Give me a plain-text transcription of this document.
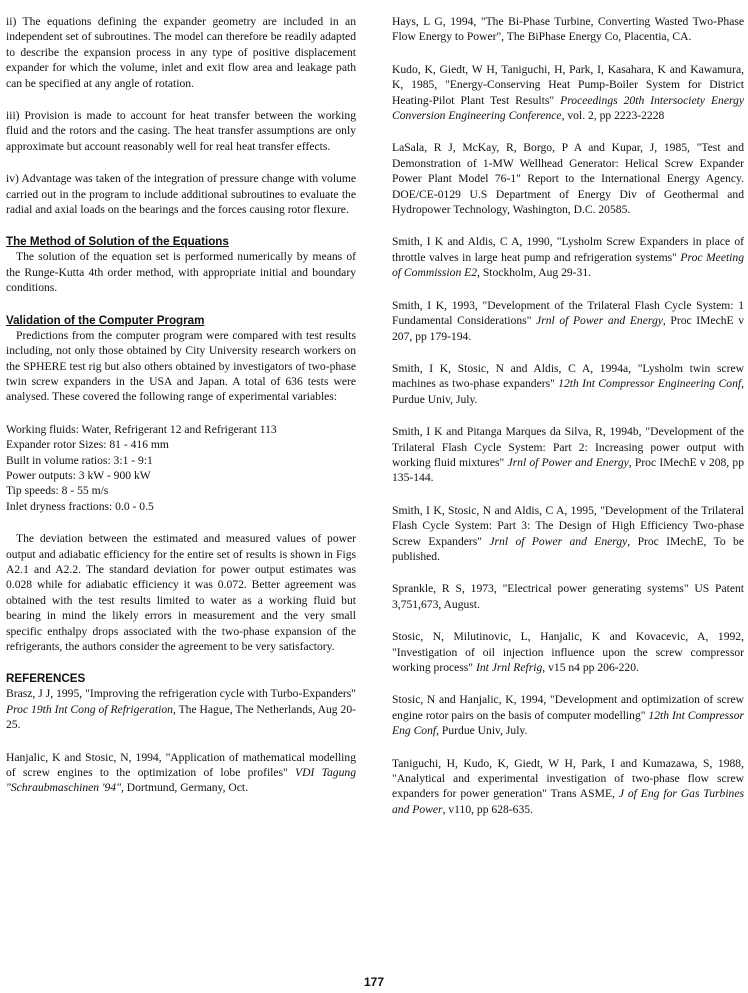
ii) The equations defining the expander geometry are included in an independent set of subroutines. The model can therefore be readily adapted to describe the expansion process in any type of positive displacement expander for which the volume, inlet and exit flow area and leakage path can be specified at any angle of rotation.

iii) Provision is made to account for heat transfer between the working fluid and the rotors and the casing. The heat transfer assumptions are only approximate but account reasonably well for real heat transfer effects.

iv) Advantage was taken of the integration of pressure change with volume carried out in the program to include additional subroutines to evaluate the radial and axial loads on the bearings and the forces causing rotor flexure.

The Method of Solution of the Equations

The solution of the equation set is performed numerically by means of the Runge-Kutta 4th order method, with appropriate initial and boundary conditions.

Validation of the Computer Program

Predictions from the computer program were compared with test results including, not only those obtained by City University research workers on the SPHERE test rig but also others obtained by investigators of two-phase twin screw expanders in the USA and Japan. A total of 636 tests were analysed. These covered the following range of experimental variables:

Working fluids: Water, Refrigerant 12 and Refrigerant 113
Expander rotor Sizes: 81 - 416 mm
Built in volume ratios: 3:1 - 9:1
Power outputs: 3 kW - 900 kW
Tip speeds: 8 - 55 m/s
Inlet dryness fractions: 0.0 - 0.5

The deviation between the estimated and measured values of power output and adiabatic efficiency for the entire set of results is shown in Figs A2.1 and A2.2. The standard deviation for power output estimates was 0.028 while for adiabatic efficiency it was 0.072. Better agreement was obtained with the test results limited to water as a working fluid but bearing in mind the likely errors in measurement and the very small specific enthalpy drops associated with the two-phase expansion of the refrigerants, the authors consider the agreement to be very satisfactory.

REFERENCES

Brasz, J J, 1995, "Improving the refrigeration cycle with Turbo-Expanders" Proc 19th Int Cong of Refrigeration, The Hague, The Netherlands, Aug 20-25.

Hanjalic, K and Stosic, N, 1994, "Application of mathematical modelling of screw engines to the optimization of lobe profiles" VDI Tagung "Schraubmaschinen '94", Dortmund, Germany, Oct.

Hays, L G, 1994, "The Bi-Phase Turbine, Converting Wasted Two-Phase Flow Energy to Power", The BiPhase Energy Co, Placentia, CA.

Kudo, K, Giedt, W H, Taniguchi, H, Park, I, Kasahara, K and Kawamura, K, 1985, "Energy-Conserving Heat Pump-Boiler System for District Heating-Pilot Plant Test Results" Proceedings 20th Intersociety Energy Conversion Engineering Conference, vol. 2, pp 2223-2228

LaSala, R J, McKay, R, Borgo, P A and Kupar, J, 1985, "Test and Demonstration of 1-MW Wellhead Generator: Helical Screw Expander Power Plant Model 76-1" Report to the International Energy Agency. DOE/CE-0129 U.S Department of Energy Div of Geothermal and Hydropower Technology, Washington, D.C. 20585.

Smith, I K and Aldis, C A, 1990, "Lysholm Screw Expanders in place of throttle valves in large heat pump and refrigeration systems" Proc Meeting of Commission E2, Stockholm, Aug 29-31.

Smith, I K, 1993, "Development of the Trilateral Flash Cycle System: 1 Fundamental Considerations" Jrnl of Power and Energy, Proc IMechE v 207, pp 179-194.

Smith, I K, Stosic, N and Aldis, C A, 1994a, "Lysholm twin screw machines as two-phase expanders" 12th Int Compressor Engineering Conf, Purdue Univ, July.

Smith, I K and Pitanga Marques da Silva, R, 1994b, "Development of the Trilateral Flash Cycle System: Part 2: Increasing power output with working fluid mixtures" Jrnl of Power and Energy, Proc IMechE v 208, pp 135-144.

Smith, I K, Stosic, N and Aldis, C A, 1995, "Development of the Trilateral Flash Cycle System: Part 3: The Design of High Efficiency Two-phase Screw Expanders" Jrnl of Power and Energy, Proc IMechE, To be published.

Sprankle, R S, 1973, "Electrical power generating systems" US Patent 3,751,673, August.

Stosic, N, Milutinovic, L, Hanjalic, K and Kovacevic, A, 1992, "Investigation of oil injection influence upon the screw compressor working process" Int Jrnl Refrig, v15 n4 pp 206-220.

Stosic, N and Hanjalic, K, 1994, "Development and optimization of screw engine rotor pairs on the basis of computer modelling" 12th Int Compressor Eng Conf, Purdue Univ, July.

Taniguchi, H, Kudo, K, Giedt, W H, Park, I and Kumazawa, S, 1988, "Analytical and experimental investigation of two-phase flow screw expanders for power generation" Trans ASME, J of Eng for Gas Turbines and Power, v110, pp 628-635.

177
